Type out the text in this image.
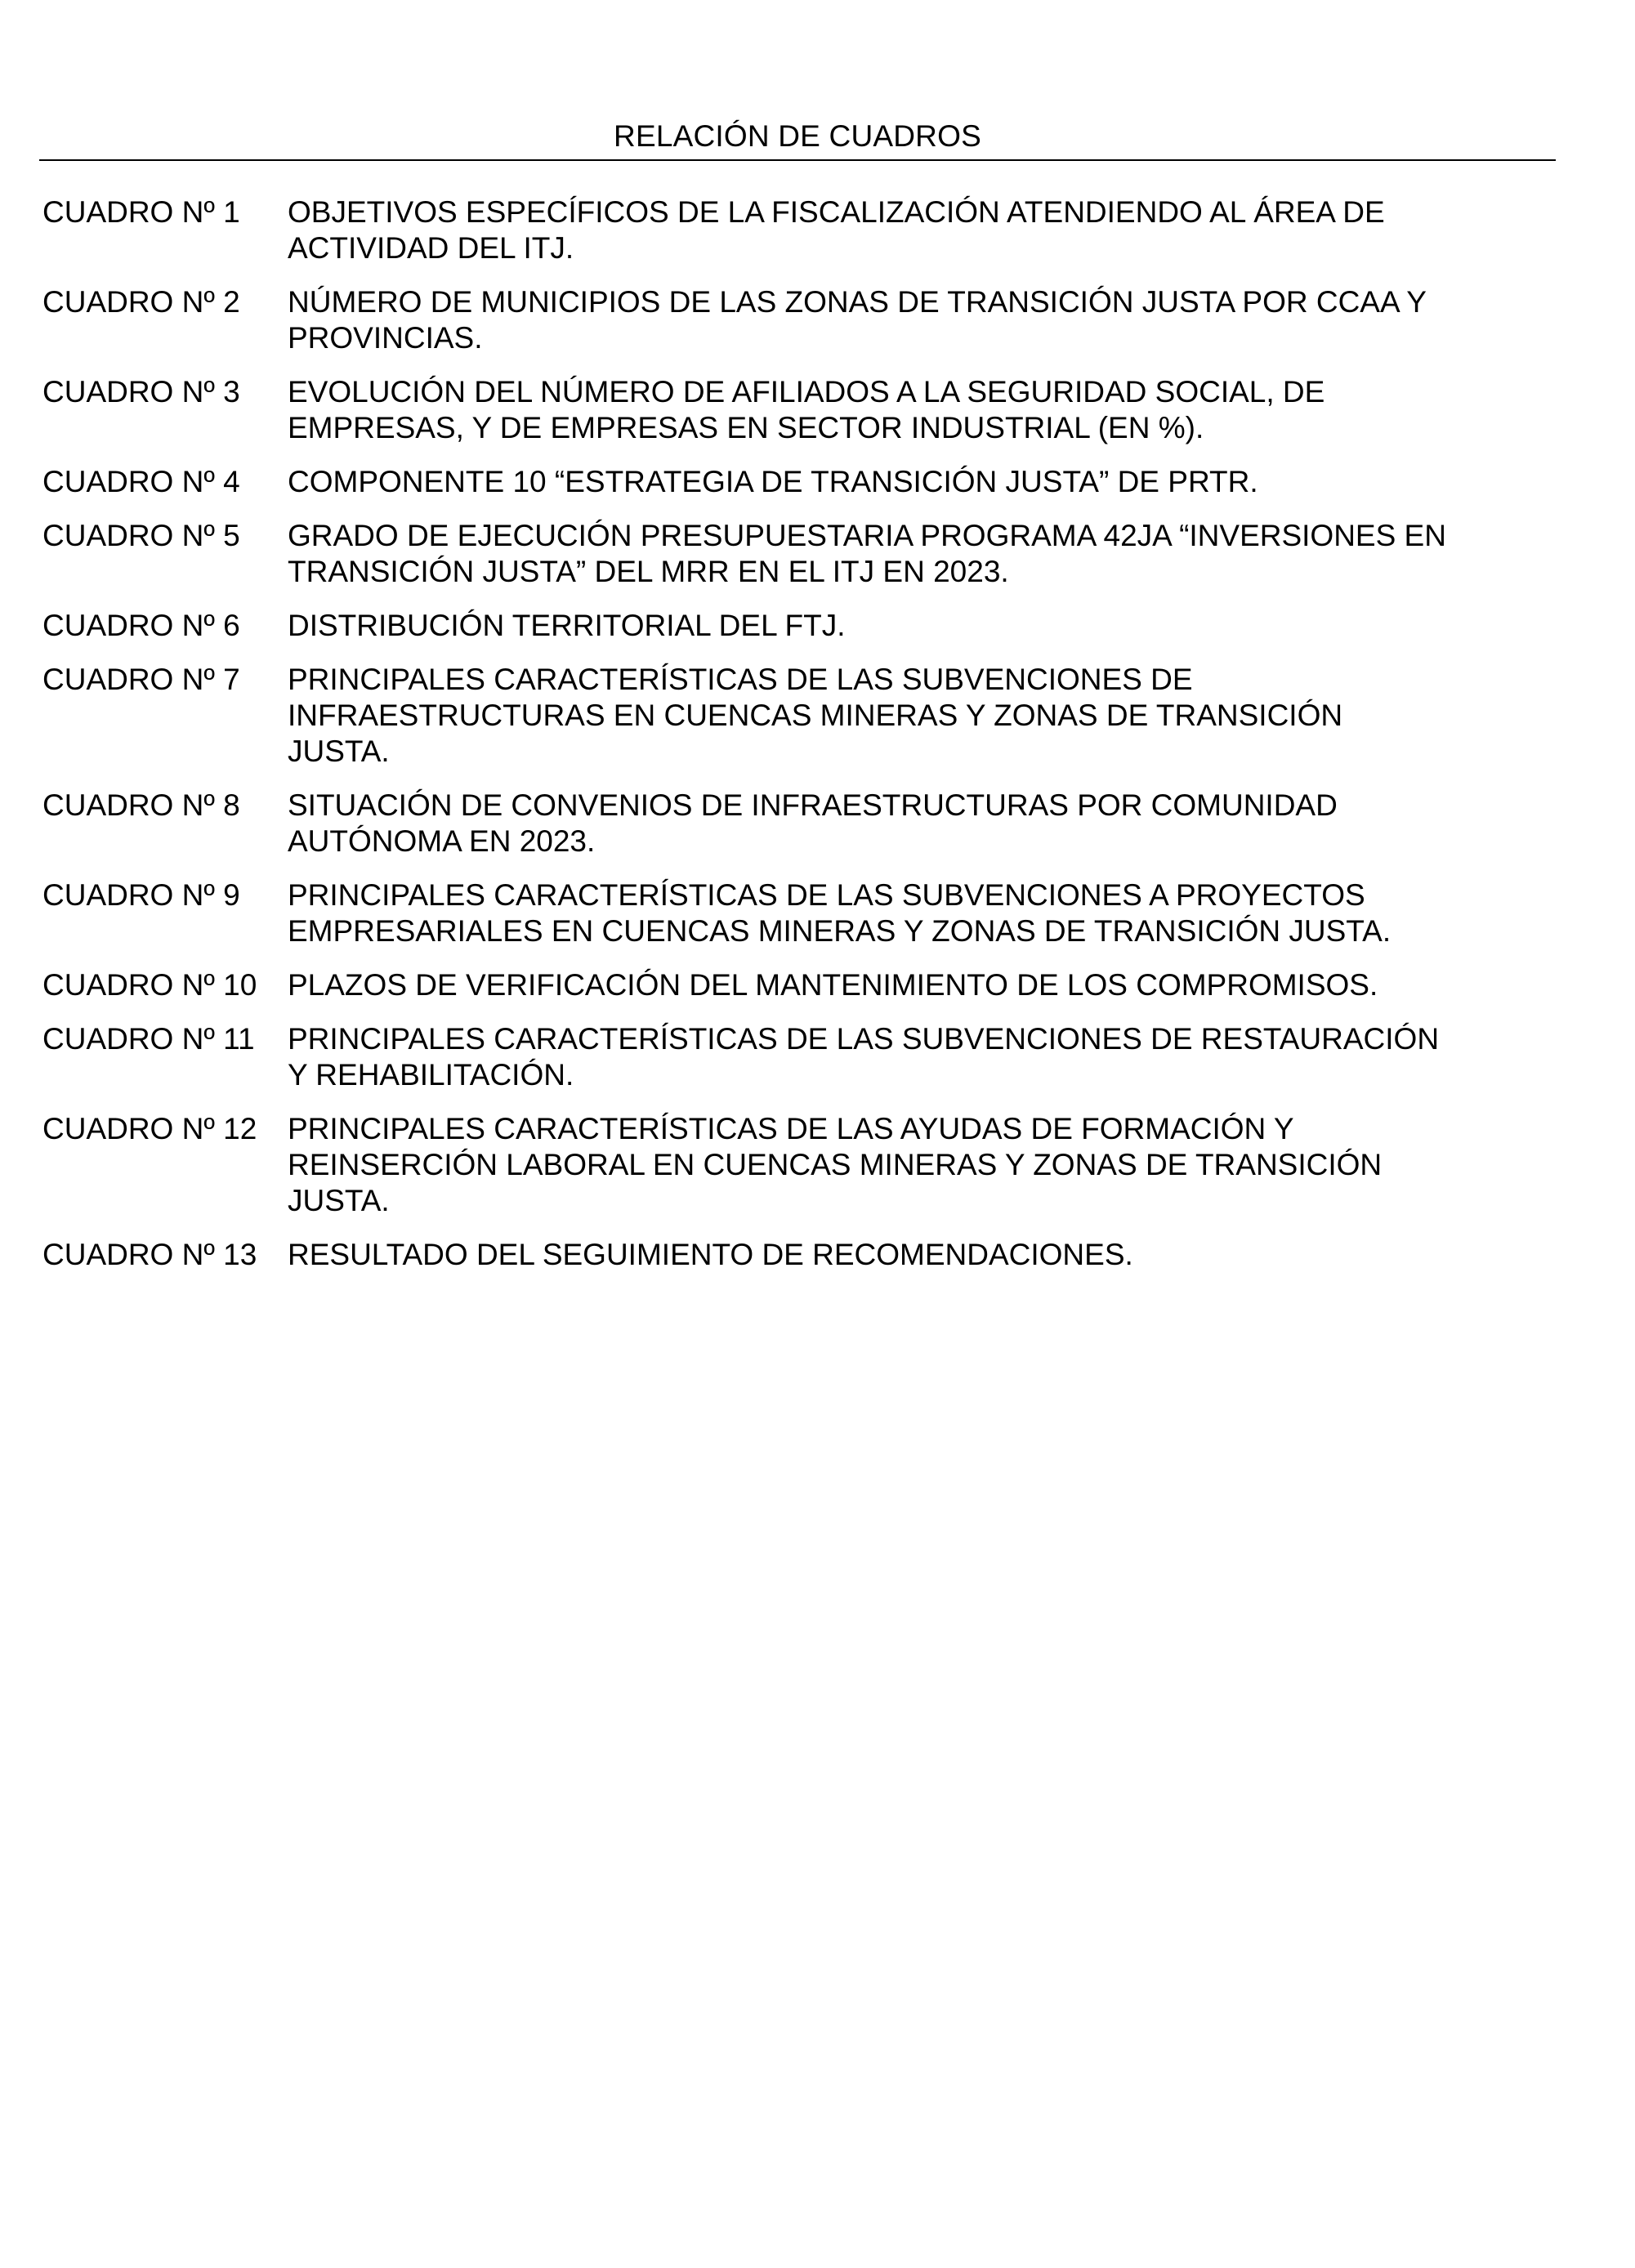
RELACIÓN DE CUADROS
CUADRO Nº 1	OBJETIVOS ESPECÍFICOS DE LA FISCALIZACIÓN ATENDIENDO AL ÁREA DE ACTIVIDAD DEL ITJ.
CUADRO Nº 2	NÚMERO DE MUNICIPIOS DE LAS ZONAS DE TRANSICIÓN JUSTA POR CCAA Y PROVINCIAS.
CUADRO Nº 3	EVOLUCIÓN DEL NÚMERO DE AFILIADOS A LA SEGURIDAD SOCIAL, DE EMPRESAS, Y DE EMPRESAS EN SECTOR INDUSTRIAL (EN %).
CUADRO Nº 4	COMPONENTE 10 “ESTRATEGIA DE TRANSICIÓN JUSTA” DE PRTR.
CUADRO Nº 5	GRADO DE EJECUCIÓN PRESUPUESTARIA PROGRAMA 42JA “INVERSIONES EN TRANSICIÓN JUSTA” DEL MRR EN EL ITJ EN 2023.
CUADRO Nº 6	DISTRIBUCIÓN TERRITORIAL DEL FTJ.
CUADRO Nº 7	PRINCIPALES CARACTERÍSTICAS DE LAS SUBVENCIONES DE INFRAESTRUCTURAS EN CUENCAS MINERAS Y ZONAS DE TRANSICIÓN JUSTA.
CUADRO Nº 8	SITUACIÓN DE CONVENIOS DE INFRAESTRUCTURAS POR COMUNIDAD AUTÓNOMA EN 2023.
CUADRO Nº 9	PRINCIPALES CARACTERÍSTICAS DE LAS SUBVENCIONES A PROYECTOS EMPRESARIALES EN CUENCAS MINERAS Y ZONAS DE TRANSICIÓN JUSTA.
CUADRO Nº 10	PLAZOS DE VERIFICACIÓN DEL MANTENIMIENTO DE LOS COMPROMISOS.
CUADRO Nº 11	PRINCIPALES CARACTERÍSTICAS DE LAS SUBVENCIONES DE RESTAURACIÓN Y REHABILITACIÓN.
CUADRO Nº 12	PRINCIPALES CARACTERÍSTICAS DE LAS AYUDAS DE FORMACIÓN Y REINSERCIÓN LABORAL EN CUENCAS MINERAS Y ZONAS DE TRANSICIÓN JUSTA.
CUADRO Nº 13	RESULTADO DEL SEGUIMIENTO DE RECOMENDACIONES.
